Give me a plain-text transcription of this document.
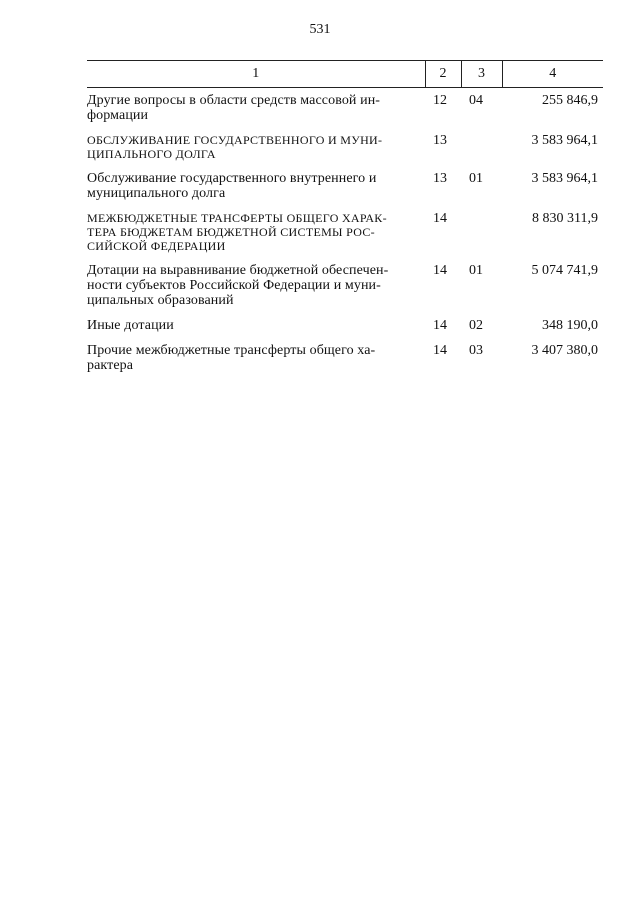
531
1	2	3	4
Другие вопросы в области средств массовой ин-
формации	12	04	255 846,9
ОБСЛУЖИВАНИЕ ГОСУДАРСТВЕННОГО И МУНИ-
ЦИПАЛЬНОГО ДОЛГА	13		3 583 964,1
Обслуживание государственного внутреннего и
муниципального долга	13	01	3 583 964,1
МЕЖБЮДЖЕТНЫЕ ТРАНСФЕРТЫ ОБЩЕГО ХАРАК-
ТЕРА БЮДЖЕТАМ БЮДЖЕТНОЙ СИСТЕМЫ РОС-
СИЙСКОЙ ФЕДЕРАЦИИ	14		8 830 311,9
Дотации на выравнивание бюджетной обеспечен-
ности субъектов Российской Федерации и муни-
ципальных образований	14	01	5 074 741,9
Иные дотации	14	02	348 190,0
Прочие межбюджетные трансферты общего ха-
рактера	14	03	3 407 380,0
